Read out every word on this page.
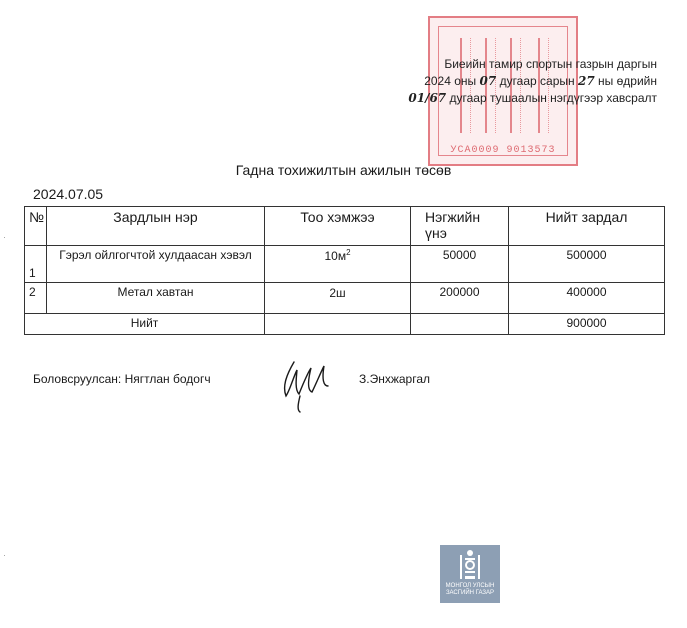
УСА0009 9013573
Биеийн тамир спортын газрын даргын
2024 оны 07 дугаар сарын 27 ны өдрийн
01/67 дугаар тушаалын нэгдүгээр хавсралт
Гадна тохижилтын ажилын төсөв
2024.07.05
№	Зардлын нэр	Тоо хэмжээ	Нэгжийн үнэ	Нийт зардал
1	Гэрэл ойлгогчтой хулдаасан хэвэл	$10м^2$	50000	500000
2	Метал хавтан	2ш	200000	400000
Нийт				900000
Боловсруулсан: Нягтлан бодогч	З.Энхжаргал
МОНГОЛ УЛСЫН
ЗАСГИЙН ГАЗАР
·
·
